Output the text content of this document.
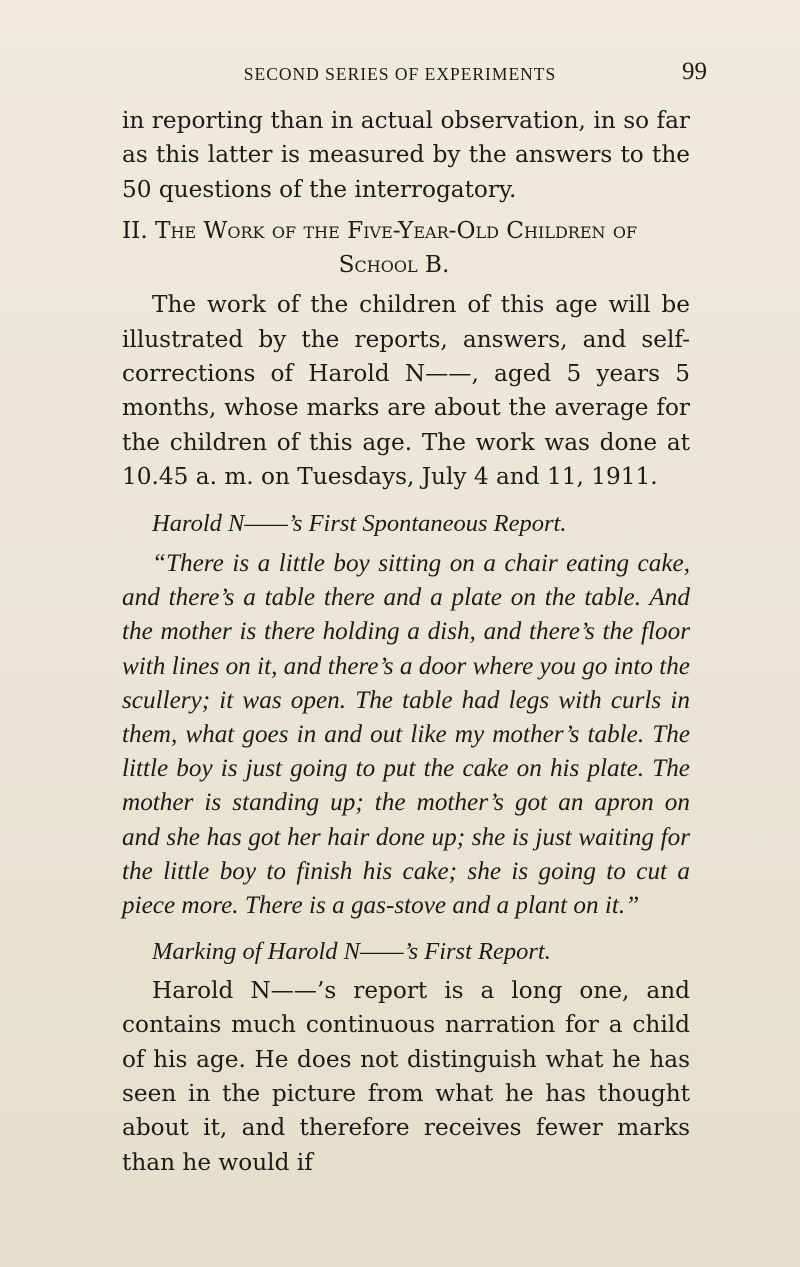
SECOND SERIES OF EXPERIMENTS	99

in reporting than in actual observation, in so far as this latter is measured by the answers to the 50 questions of the interrogatory.

II. The Work of the Five-Year-Old Children of
School B.

The work of the children of this age will be illustrated by the reports, answers, and self-corrections of Harold N——, aged 5 years 5 months, whose marks are about the average for the children of this age. The work was done at 10.45 a. m. on Tuesdays, July 4 and 11, 1911.

Harold N——’s First Spontaneous Report.

“There is a little boy sitting on a chair eating cake, and there’s a table there and a plate on the table. And the mother is there holding a dish, and there’s the floor with lines on it, and there’s a door where you go into the scullery; it was open. The table had legs with curls in them, what goes in and out like my mother’s table. The little boy is just going to put the cake on his plate. The mother is standing up; the mother’s got an apron on and she has got her hair done up; she is just waiting for the little boy to finish his cake; she is going to cut a piece more. There is a gas-stove and a plant on it.”

Marking of Harold N——’s First Report.

Harold N——’s report is a long one, and contains much continuous narration for a child of his age. He does not distinguish what he has seen in the picture from what he has thought about it, and therefore receives fewer marks than he would if
